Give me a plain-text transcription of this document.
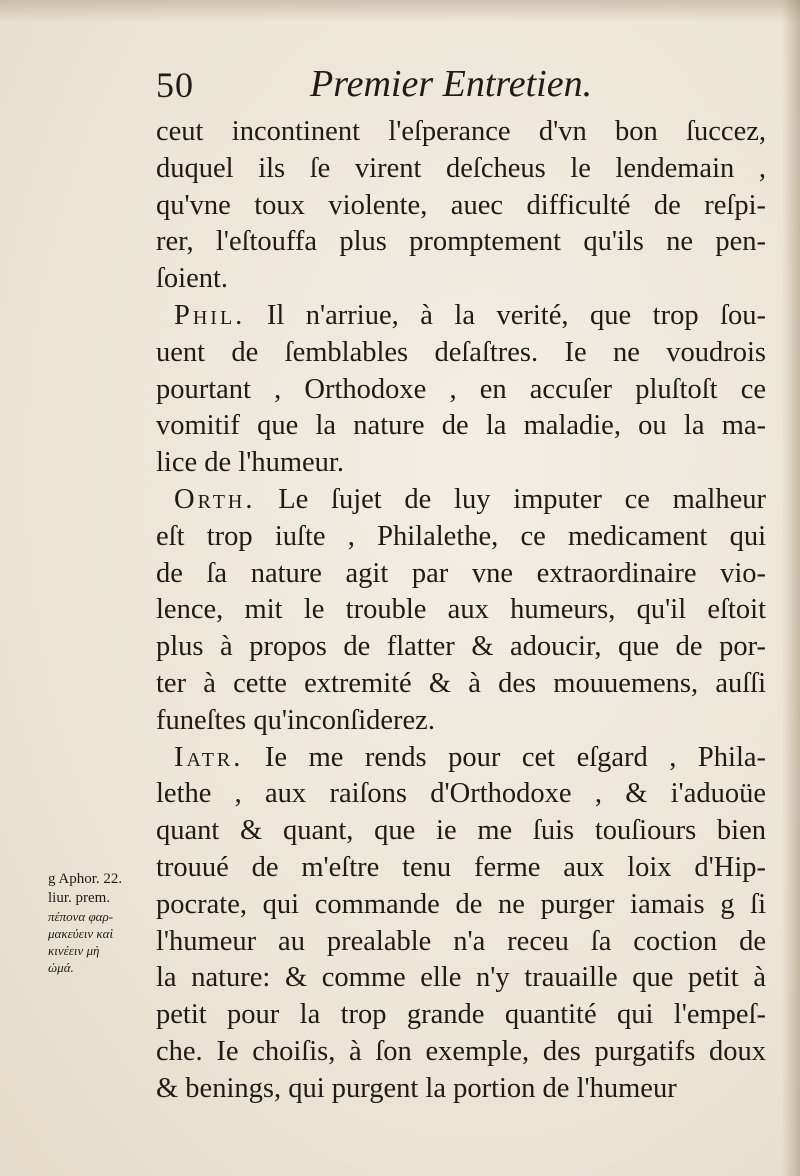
50	Premier Entretien.
ceut incontinent l'eſperance d'vn bon ſuccez,
duquel ils ſe virent deſcheus le lendemain ,
qu'vne toux violente, auec difficulté de reſpi-
rer, l'eſtouffa plus promptement qu'ils ne pen-
ſoient.
Phil. Il n'arriue, à la verité, que trop ſou-
uent de ſemblables deſaſtres. Ie ne voudrois
pourtant , Orthodoxe , en accuſer pluſtoſt ce
vomitif que la nature de la maladie, ou la ma-
lice de l'humeur.
Orth. Le ſujet de luy imputer ce malheur
eſt trop iuſte , Philalethe, ce medicament qui
de ſa nature agit par vne extraordinaire vio-
lence, mit le trouble aux humeurs, qu'il eſtoit
plus à propos de flatter & adoucir, que de por-
ter à cette extremité & à des mouuemens, auſſi
funeſtes qu'inconſiderez.
Iatr. Ie me rends pour cet eſgard , Phila-
lethe , aux raiſons d'Orthodoxe , & i'aduoüe
quant & quant, que ie me ſuis touſiours bien
trouué de m'eſtre tenu ferme aux loix d'Hip-
pocrate, qui commande de ne purger iamais g ſi
l'humeur au prealable n'a receu ſa coction de
la nature: & comme elle n'y trauaille que petit à
petit pour la trop grande quantité qui l'empeſ-
che. Ie choiſis, à ſon exemple, des purgatifs doux
& benings, qui purgent la portion de l'humeur
g Aphor. 22.
liur. prem.
πέπονα φαρ-
μακεύειν καὶ
κινέειν μὴ
ὠμά.
